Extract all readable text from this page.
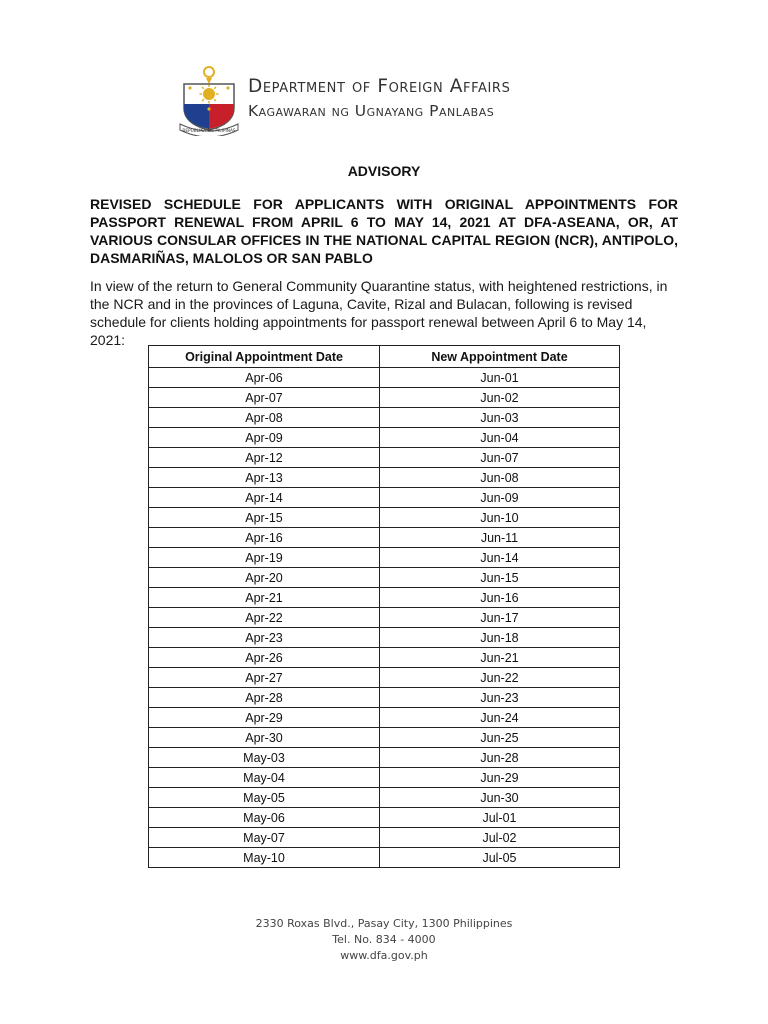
REPUBLIKA NG PILIPINAS
Department of Foreign Affairs
Kagawaran ng Ugnayang Panlabas
ADVISORY
REVISED SCHEDULE FOR APPLICANTS WITH ORIGINAL APPOINTMENTS FOR PASSPORT RENEWAL FROM APRIL 6 TO MAY 14, 2021 AT DFA-ASEANA, OR, AT VARIOUS CONSULAR OFFICES IN THE NATIONAL CAPITAL REGION (NCR), ANTIPOLO, DASMARIÑAS, MALOLOS OR SAN PABLO
In view of the return to General Community Quarantine status, with heightened restrictions, in the NCR and in the provinces of Laguna, Cavite, Rizal and Bulacan, following is revised schedule for clients holding appointments for passport renewal between April 6 to May 14, 2021:
Original Appointment Date	New Appointment Date
Apr-06	Jun-01
Apr-07	Jun-02
Apr-08	Jun-03
Apr-09	Jun-04
Apr-12	Jun-07
Apr-13	Jun-08
Apr-14	Jun-09
Apr-15	Jun-10
Apr-16	Jun-11
Apr-19	Jun-14
Apr-20	Jun-15
Apr-21	Jun-16
Apr-22	Jun-17
Apr-23	Jun-18
Apr-26	Jun-21
Apr-27	Jun-22
Apr-28	Jun-23
Apr-29	Jun-24
Apr-30	Jun-25
May-03	Jun-28
May-04	Jun-29
May-05	Jun-30
May-06	Jul-01
May-07	Jul-02
May-10	Jul-05
2330 Roxas Blvd., Pasay City, 1300 Philippines
Tel. No. 834 - 4000
www.dfa.gov.ph
